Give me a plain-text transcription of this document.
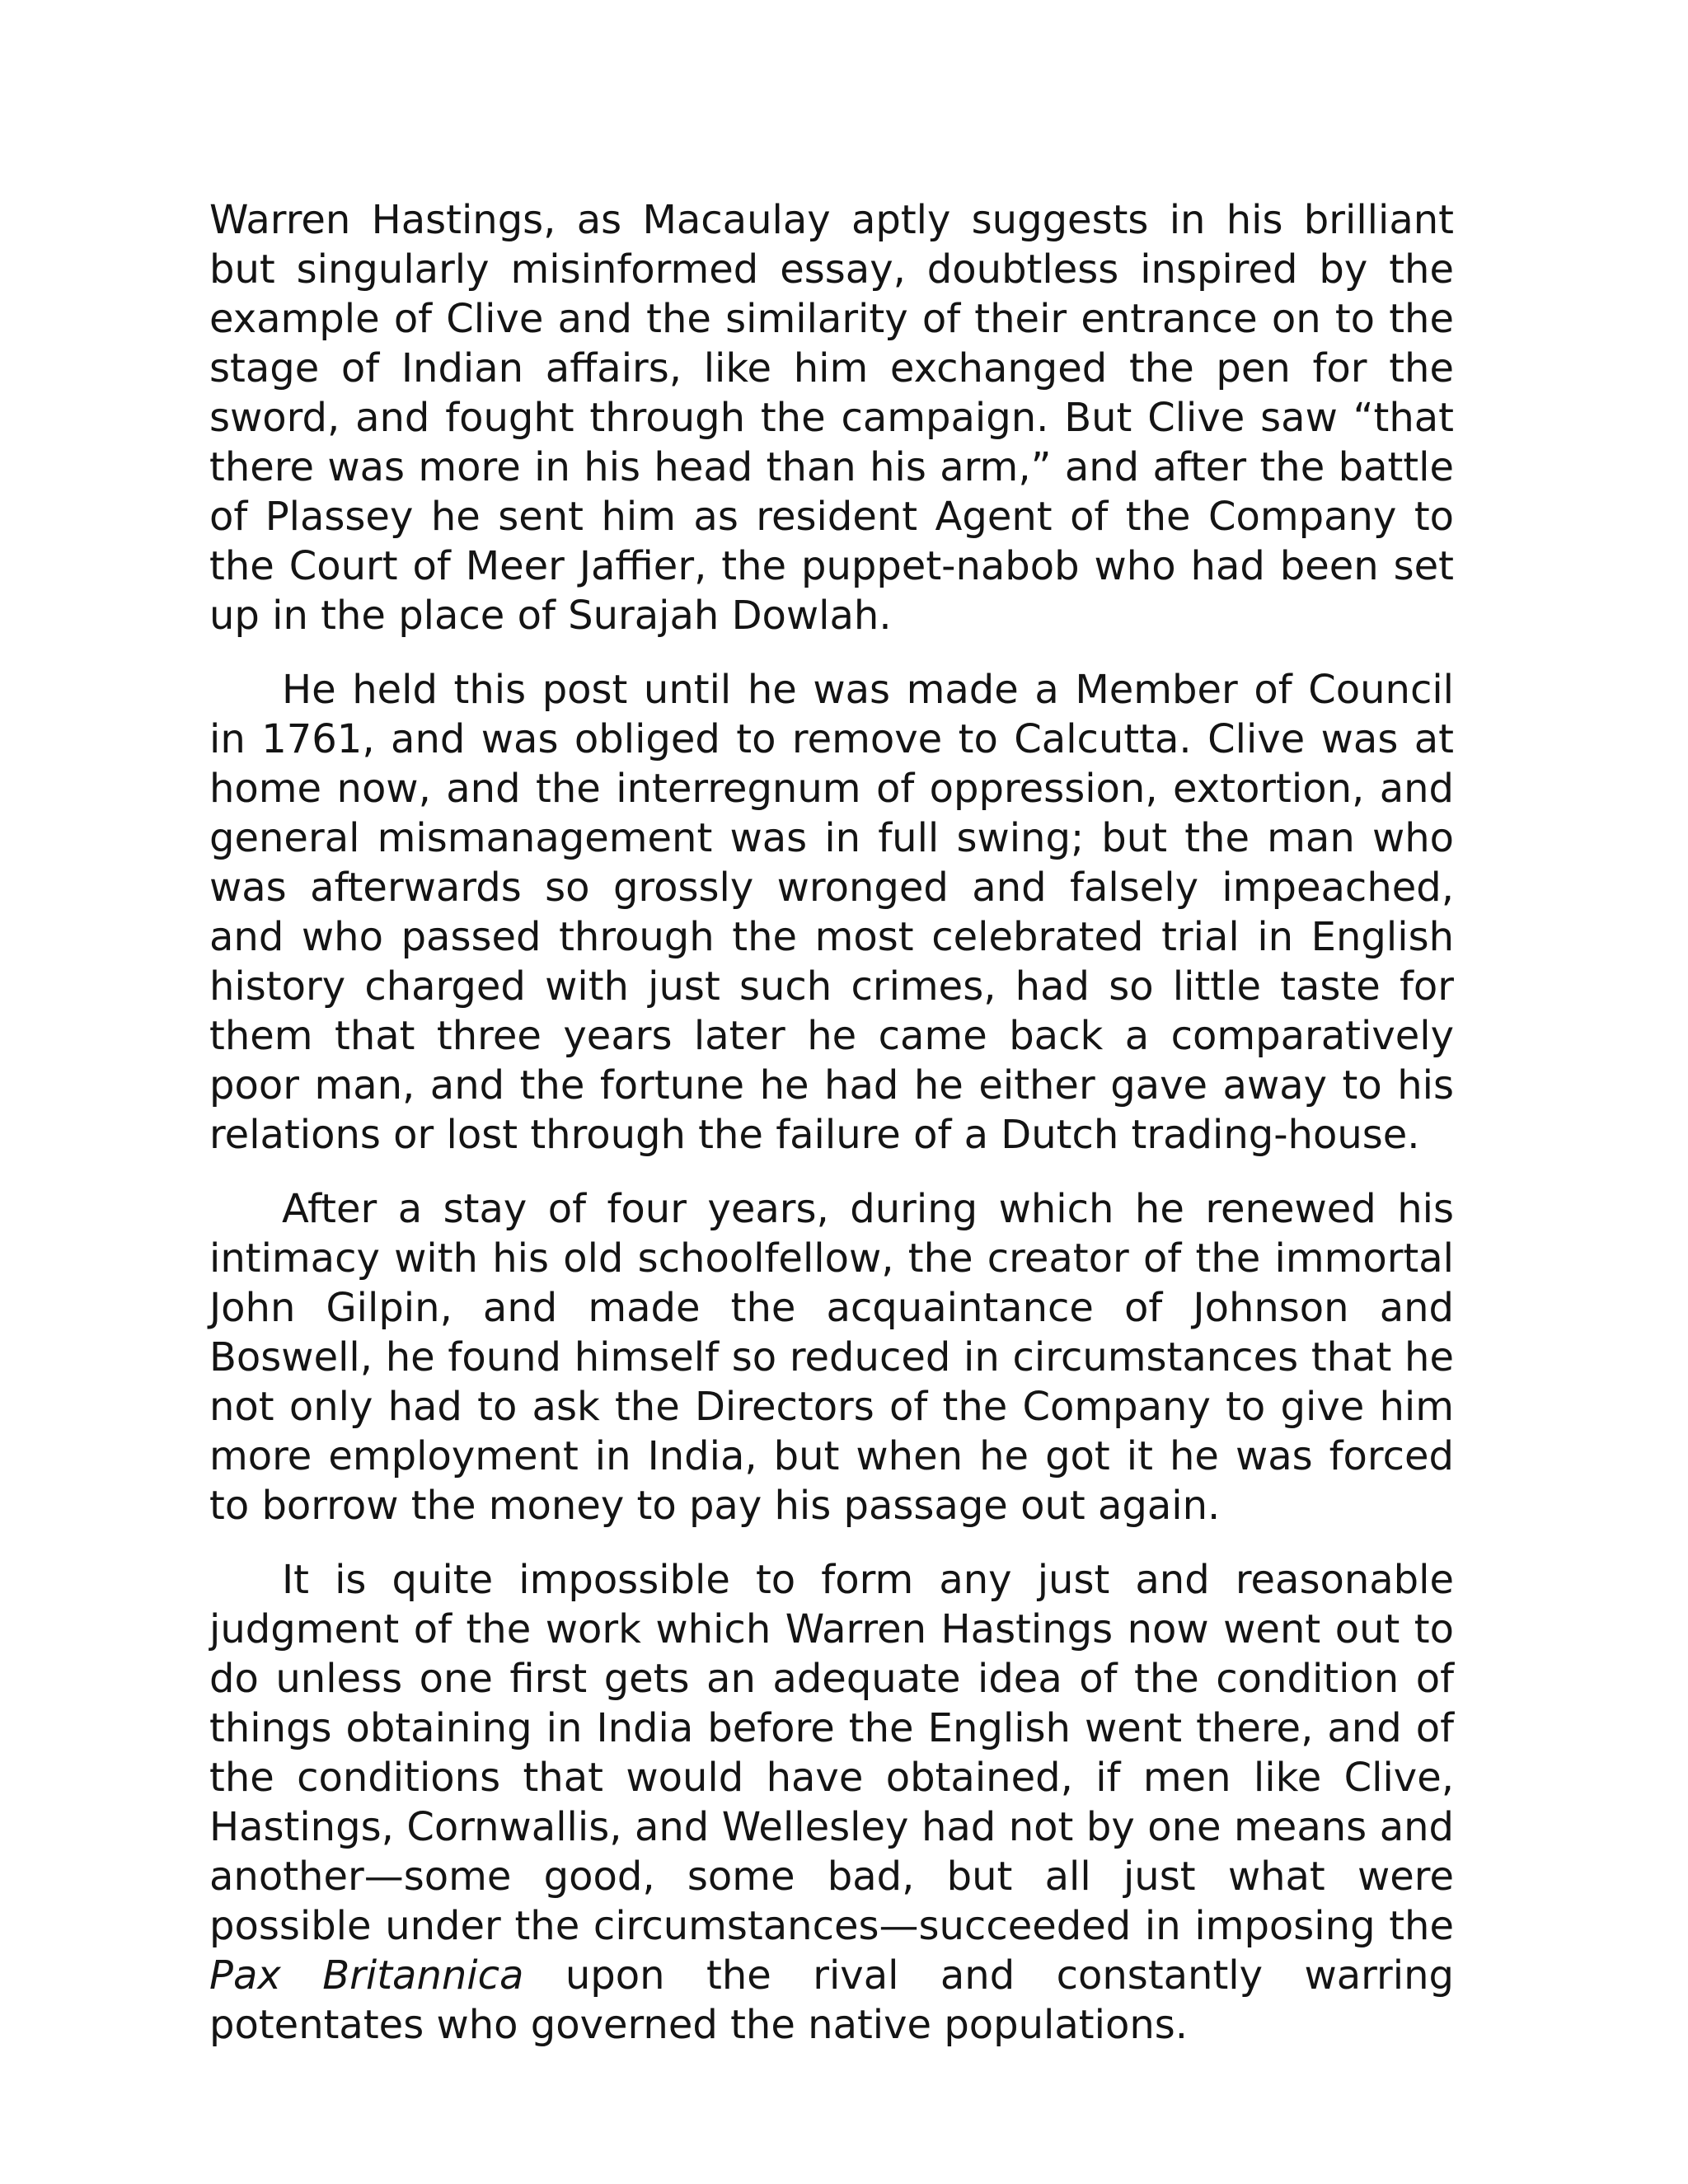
Warren Hastings, as Macaulay aptly suggests in his brilliant but singularly misinformed essay, doubtless inspired by the example of Clive and the similarity of their entrance on to the stage of Indian affairs, like him exchanged the pen for the sword, and fought through the campaign. But Clive saw “that there was more in his head than his arm,” and after the battle of Plassey he sent him as resident Agent of the Company to the Court of Meer Jaffier, the puppet-nabob who had been set up in the place of Surajah Dowlah.

He held this post until he was made a Member of Council in 1761, and was obliged to remove to Calcutta. Clive was at home now, and the interregnum of oppression, extortion, and general mismanagement was in full swing; but the man who was afterwards so grossly wronged and falsely impeached, and who passed through the most celebrated trial in English history charged with just such crimes, had so little taste for them that three years later he came back a comparatively poor man, and the fortune he had he either gave away to his relations or lost through the failure of a Dutch trading-house.

After a stay of four years, during which he renewed his intimacy with his old schoolfellow, the creator of the immortal John Gilpin, and made the acquaintance of Johnson and Boswell, he found himself so reduced in circumstances that he not only had to ask the Directors of the Company to give him more employment in India, but when he got it he was forced to borrow the money to pay his passage out again.

It is quite impossible to form any just and reasonable judgment of the work which Warren Hastings now went out to do unless one first gets an adequate idea of the condition of things obtaining in India before the English went there, and of the conditions that would have obtained, if men like Clive, Hastings, Cornwallis, and Wellesley had not by one means and another—some good, some bad, but all just what were possible under the circumstances—succeeded in imposing the Pax Britannica upon the rival and constantly warring potentates who governed the native populations.
